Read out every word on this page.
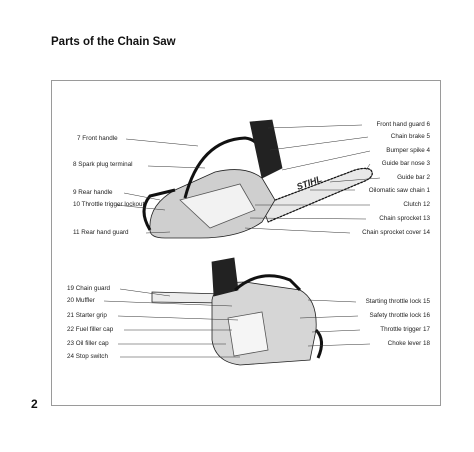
Parts of the Chain Saw
STIHL
7 Front handle
8 Spark plug terminal
9 Rear handle
10 Throttle trigger lockout
11 Rear hand guard
Front hand guard 6
Chain brake 5
Bumper spike 4
Guide bar nose 3
Guide bar 2
Oilomatic saw chain 1
Clutch 12
Chain sprocket 13
Chain sprocket cover 14
19 Chain guard
20 Muffler
21 Starter grip
22 Fuel filler cap
23 Oil filler cap
24 Stop switch
Starting throttle lock 15
Safety throttle lock 16
Throttle trigger 17
Choke lever 18
2
